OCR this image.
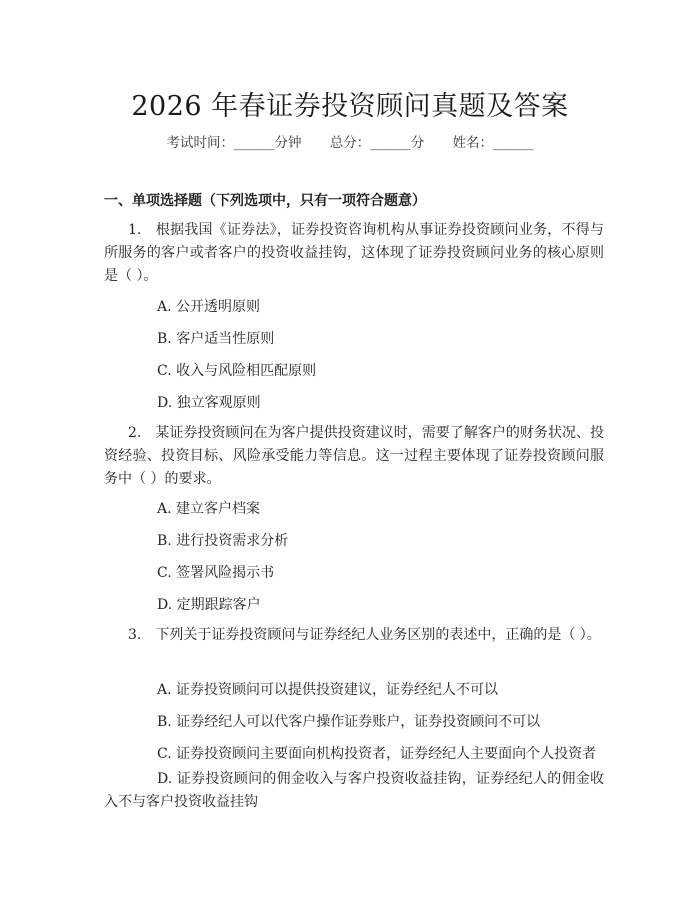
2026 年春证券投资顾问真题及答案
考试时间：______分钟 总分：______分 姓名：______
一、单项选择题（下列选项中，只有一项符合题意）
1.　根据我国《证券法》，证券投资咨询机构从事证券投资顾问业务，不得与所服务的客户或者客户的投资收益挂钩，这体现了证券投资顾问业务的核心原则是（ ）。
A. 公开透明原则
B. 客户适当性原则
C. 收入与风险相匹配原则
D. 独立客观原则
2.　某证券投资顾问在为客户提供投资建议时，需要了解客户的财务状况、投资经验、投资目标、风险承受能力等信息。这一过程主要体现了证券投资顾问服务中（ ）的要求。
A. 建立客户档案
B. 进行投资需求分析
C. 签署风险揭示书
D. 定期跟踪客户
3.　下列关于证券投资顾问与证券经纪人业务区别的表述中，正确的是（ ）。
A. 证券投资顾问可以提供投资建议，证券经纪人不可以
B. 证券经纪人可以代客户操作证券账户，证券投资顾问不可以
C. 证券投资顾问主要面向机构投资者，证券经纪人主要面向个人投资者
D. 证券投资顾问的佣金收入与客户投资收益挂钩，证券经纪人的佣金收入不与客户投资收益挂钩
